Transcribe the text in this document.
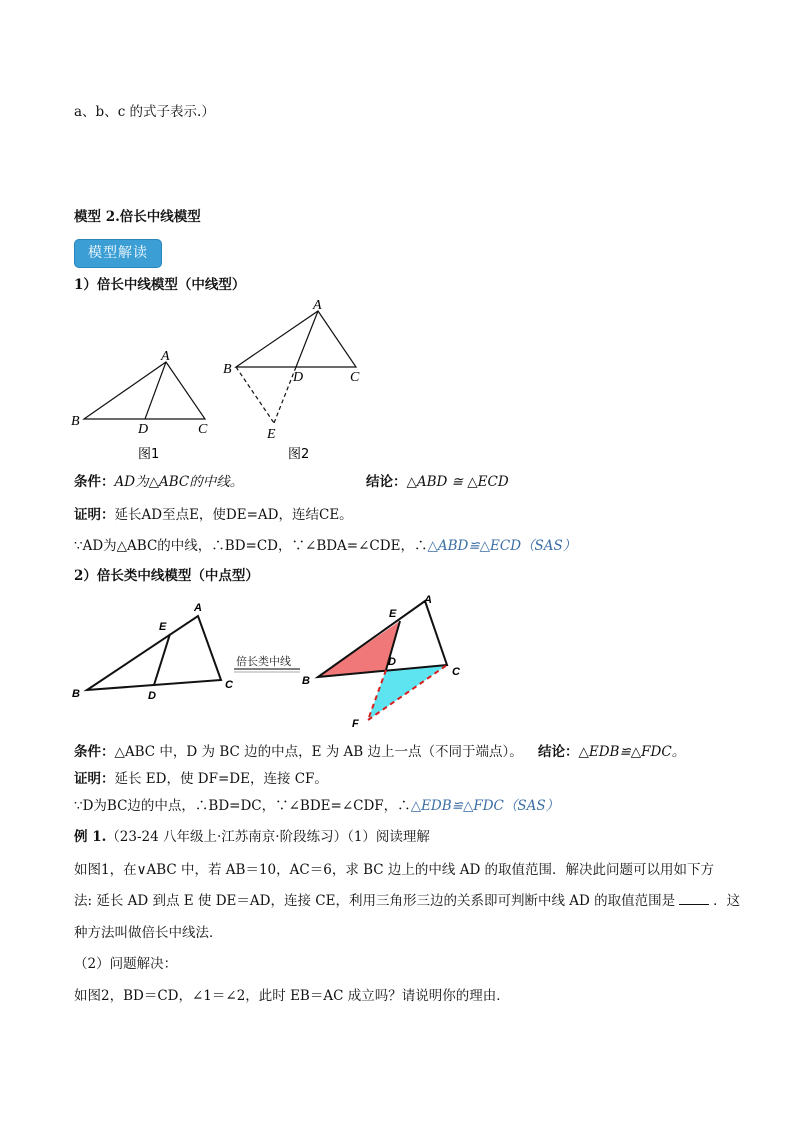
a、b、c 的式子表示.）
模型 2.倍长中线模型
模型解读
1）倍长中线模型（中线型）
A
B
C
D
图1
A
B
C
D
E
图2
条件：AD为△ABC的中线。	结论：△ABD ≅ △ECD
证明：延长AD至点E，使DE=AD，连结CE。
∵AD为△ABC的中线，∴BD=CD，∵∠BDA=∠CDE，∴△ABD≌△ECD（SAS）
2）倍长类中线模型（中点型）
A
E
B	D
C
倍长类中线
A
E
D
B
C
F
条件：△ABC 中，D 为 BC 边的中点，E 为 AB 边上一点（不同于端点）。 结论：△EDB≌△FDC。
证明：延长 ED，使 DF=DE，连接 CF。
∵D为BC边的中点，∴BD=DC，∵∠BDE=∠CDF，∴△EDB≌△FDC（SAS）
例 1.（23-24 八年级上·江苏南京·阶段练习）（1）阅读理解
如图1，在∨ABC 中，若 AB＝10，AC＝6，求 BC 边上的中线 AD 的取值范围．解决此问题可以用如下方
法: 延长 AD 到点 E 使 DE＝AD，连接 CE，利用三角形三边的关系即可判断中线 AD 的取值范围是	．这
种方法叫做倍长中线法．
（2）问题解决：
如图2，BD＝CD，∠1＝∠2，此时 EB＝AC 成立吗？请说明你的理由．
